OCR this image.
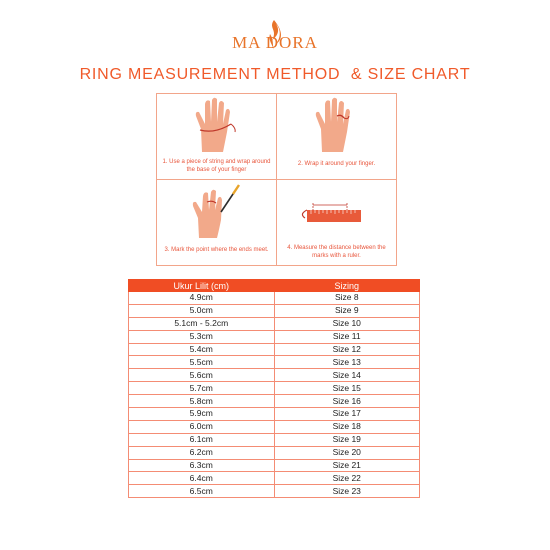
MA DORA
RING MEASUREMENT METHOD  & SIZE CHART
1. Use a piece of string and wrap around the base of your finger
2. Wrap it around your finger.
3. Mark the point where the ends meet.	4. Measure the distance between the marks with a ruler.
Ukur Lilit (cm)	Sizing
4.9cm	Size 8
5.0cm	Size 9
5.1cm - 5.2cm	Size 10
5.3cm	Size 11
5.4cm	Size 12
5.5cm	Size 13
5.6cm	Size 14
5.7cm	Size 15
5.8cm	Size 16
5.9cm	Size 17
6.0cm	Size 18
6.1cm	Size 19
6.2cm	Size 20
6.3cm	Size 21
6.4cm	Size 22
6.5cm	Size 23
